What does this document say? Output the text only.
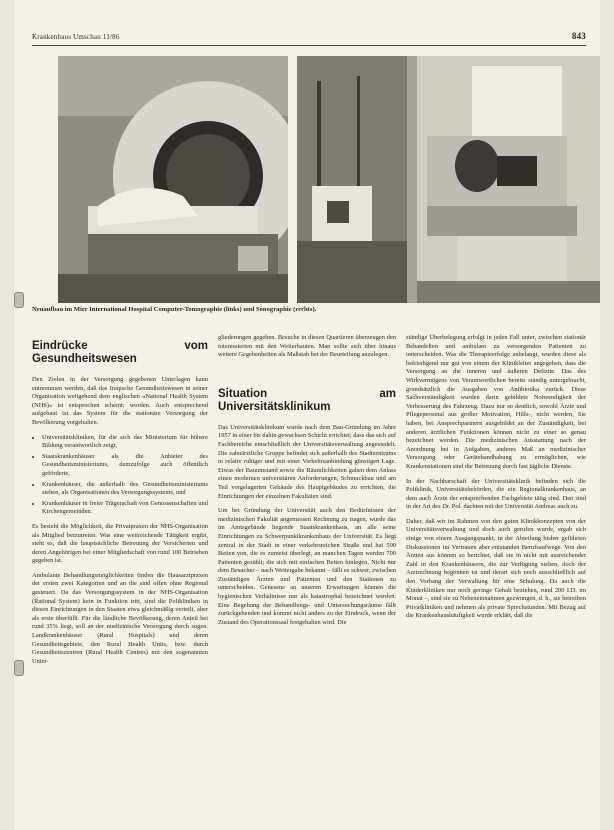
Krankenhaus Umschau 11/86	843
Neuaufbau im Mirr International Hospital Computer-Tomographie (links) und Sonographie (rechts).
Eindrücke vom Gesundheitswesen

Den Zielen in der Versorgung gegebenen Unterlagen kann entnommen werden, daß das Iraqische Gesundheitswesen in seiner Organisation weitgehend dem englischen »National Health System (NHS)« ist entsprochen scheint; worden. Auch entsprechend aufgebaut ist das System für die stationäre Versorgung der Bevölkerung vorgehalten.

• Universitätskliniken, für die sich das Ministerium für höhere Bildung verantwortlich zeigt,
• Staatskrankenhäuser als die Anbieter des Gesundheitsministeriums, demzufolge auch öffentlich geförderte,
• Krankenhäuser, die außerhalb des Gesundheitsministeriums stehen, als Organisationen des Versorgungssystems, und
• Krankenhäuser in freier Trägerschaft von Genossenschaften und Kirchengemeinden.

Es besteht die Möglichkeit, die Privatpraxen der NHS-Organisation als Mitglied beizutreten. Was eine weitreichende Tätigkeit ergibt, steht es, daß die hauptsächliche Betreuung der Versicherten und deren Angehörigen bei einer Mitgliedschaft von rund 100 Betrieben gegeben ist.

Ambulante Behandlungsmöglichkeiten finden die Hausarztpraxen der ersten zwei Kategorien und an die sind offen ohne Regional gesteuert. Da das Versorgungssystem in der NHS-Organisation (Rational System) kein in Funktion tritt, sind die Polikliniken in diesen Einrichtungen in den Staaten etwa gleichmäßig verteilt, aber als erste überfüllt. Für die ländliche Bevölkerung, deren Anteil bei rund 35% liegt, soll an der medizinische Versorgung durch sogen. Landkrankenhäuser (Rural Hospitals) und deren Gesundheitsgebiete, den Rural Health Units, bzw. durch Gesundheitszentren (Rural Health Centres) mit den sogenannten Unter-

gliederungen gegeben. Besuche in diesen Quartieren überzeugen den interessierten mit den Weiterbauten. Man sollte sich über hinaus weitere Gegebenheiten als Maßstab bei der Beurteilung anzulegen.

Situation am Universitätsklinikum

Das Universitätsklinikum wurde nach dem Bau-Gründung im Jahre 1957 in einer bis dahin gewachsen Schicht errichtet; dass das sich auf Fachbereiche einschließlich der Universitätsverwaltung angesiedelt. Die zahnärztliche Gruppe befindet sich außerhalb des Stadtzentrums in relativ ruhiger und mit einer Verkehrsanbindung günstigen Lage. Etwas der Bauumstand sowie die Räumlichkeiten gaben dem Anlass einen modernen universitären Anforderungen, Schmuckbau und am Teil vorgelagerten Gebäude des Hauptgebäudes zu errichten, die Einrichtungen der einzelnen Fakultäten sind.

Um bei Gründung der Universität auch den Bedürfnissen der medizinischen Fakultät angemessen Rechnung zu tragen, wurde das im Amtsgebäude liegende Staatskrankenhaus, an alle seine Einrichtungen zu Schwerpunktkrankenhaus der Universität. Es liegt zentral in der Stadt in einer verkehrsreichen Straße und hat 500 Betten von, die es zumeist überlegt, an manchen Tagen werden 700 Patienten gezählt; die sich mit einfachen Betten hinlegen. Nicht nur dem Besucher – nach Weitergabe bekannt – fällt es schwer, zwischen Zuständigen Ärzten und Patienten und den Stationen zu unterscheiden. Genesene an unseren Erwartungen können die hygienischen Verhältnisse nur als katastrophal bezeichnet werden. Eine Begehung der Behandlungs- und Untersuchungsräume fällt zurückgehenden und kommt nicht anders zu der Eindruck, wenn der Zustand des Operationssaal festgehalten wird. Die

ständige Überbelegung erfolgt in jeden Fall unter, zwischen stationär Behandelten und ambulant zu versorgenden Patienten zu unterscheiden. Was die Therapieerfolge anbelangt, wurden diese als befriedigend nur gut von einem der Klinikleiter angegeben, dass die Versorgung an die inneren und äußeren Defizite. Das des Wirkvermögens von Verantwortlichen bereits ständig untergebracht, grundsätzlich die Ausgaben von Antibiotika zurück. Diese Sachverständigkeit wurden darin gebildete Notwendigkeit der Verbesserung des Fahrzeug. Dazu nur so deutlich, sowohl Ärzte und Pflegepersonal aus großer Motivation, Hilfs-, nicht werden, Sie haben, bei Ansprechpartnern ausgebildet an der Zuständigkeit, bei anderen ärztlichen Funktionen können nicht zu einer so genau bezeichnet werden. Die medizinischen Ausstattung nach der Anordnung bei in Aufgaben, anderes Maß an medizinischer Versorgung oder Gerätehandhabung zu ermöglichen, wie Krankenstationen sind die Betreuung durch fast tägliche Dienste.

In der Nachbarschaft der Universitätsklinik befinden sich die Poliklinik, Universitätsbehörden, die ein Regionalkrankenhaus, an dem auch Ärzte der entsprechenden Fachgebiete tätig sind. Den sind in der Art des Dr. Pol. dachten mit der Universität Andreas auch zu.

Daher, daß wir im Rahmen von den guten Klinikkonzepten von der Universitätsverwaltung und doch auch gerufen wurde, ergab sich einige von einem Ausgangspunkt, in der Abteilung bisher geführten Diskussionen im Vertrauen aber entstanden Berufsaufwege. Von den Ärzten aus können so berichtet, daß sie in nicht mit ausreichender Zahl in den Krankenhäusern, die zur Verfügung stehen, doch der Arztrechnung begonnen ist und derart sich noch ausschließlich auf den Vorhang der Verwaltung für eine Schulung. Da auch die Kinderkliniken nur noch geringe Gehalt beziehen, rund 200 I.D. im Monat –, sind sie zu Nebeneinnahmen gezwungen, d. h., sie betreiben Privatkliniken und nehmen als private Sprechstunden. Mit Bezug auf die Krankenhaushäufigkeit wurde erklärt, daß die
